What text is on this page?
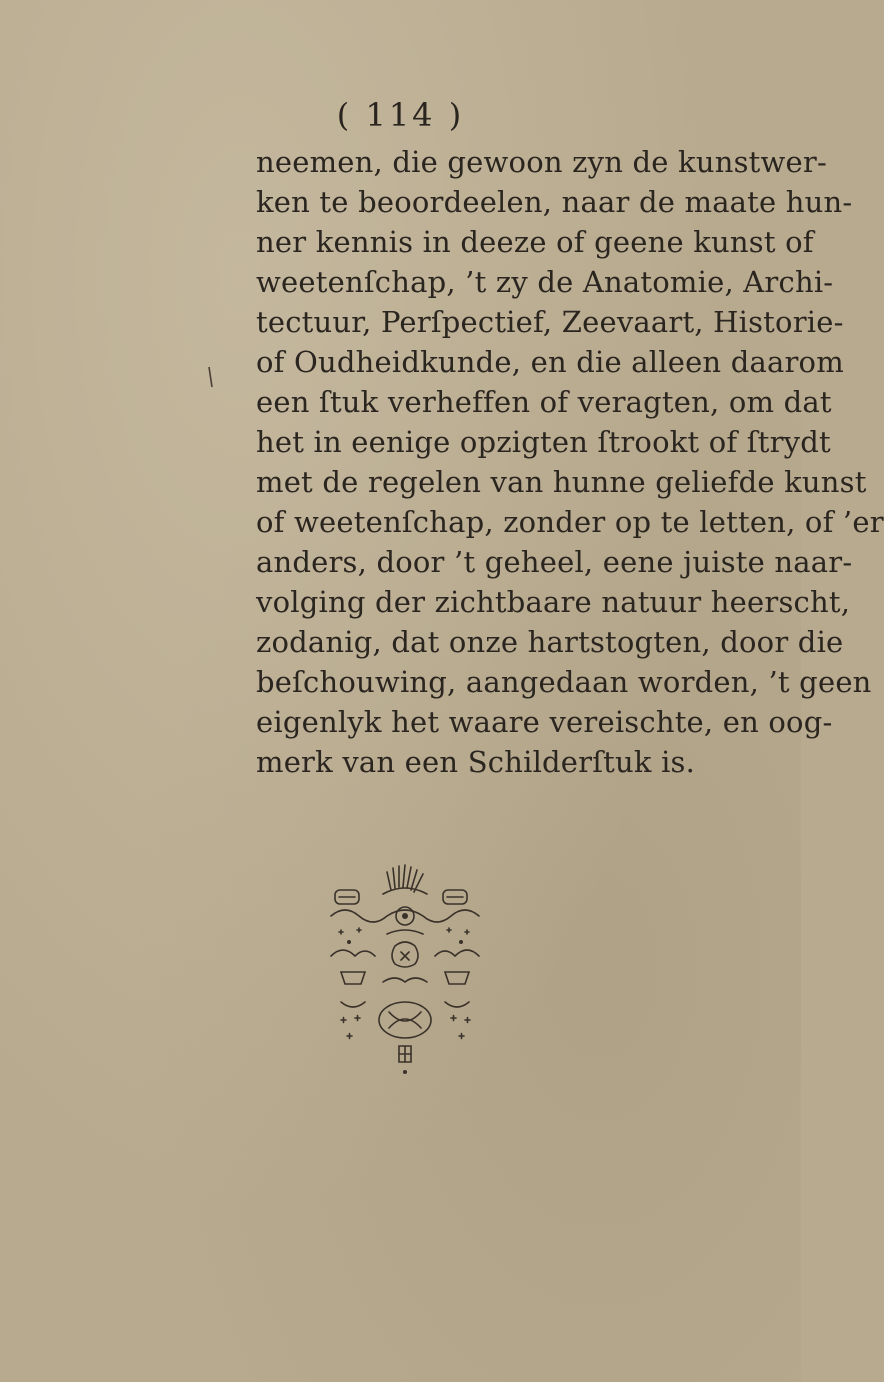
( 114 )
neemen, die gewoon zyn de kunstwer-
ken te beoordeelen, naar de maate hun-
ner kennis in deeze of geene kunst of
weetenſchap, ’t zy de Anatomie, Archi-
tectuur, Perſpectief, Zeevaart, Historie-
of Oudheidkunde, en die alleen daarom
een ſtuk verheffen of veragten, om dat
het in eenige opzigten ſtrookt of ſtrydt
met de regelen van hunne geliefde kunst
of weetenſchap, zonder op te letten, of ’er
anders, door ’t geheel, eene juiste naar-
volging der zichtbaare natuur heerscht,
zodanig, dat onze hartstogten, door die
beſchouwing, aangedaan worden, ’t geen
eigenlyk het waare vereischte, en oog-
merk van een Schilderſtuk is.
